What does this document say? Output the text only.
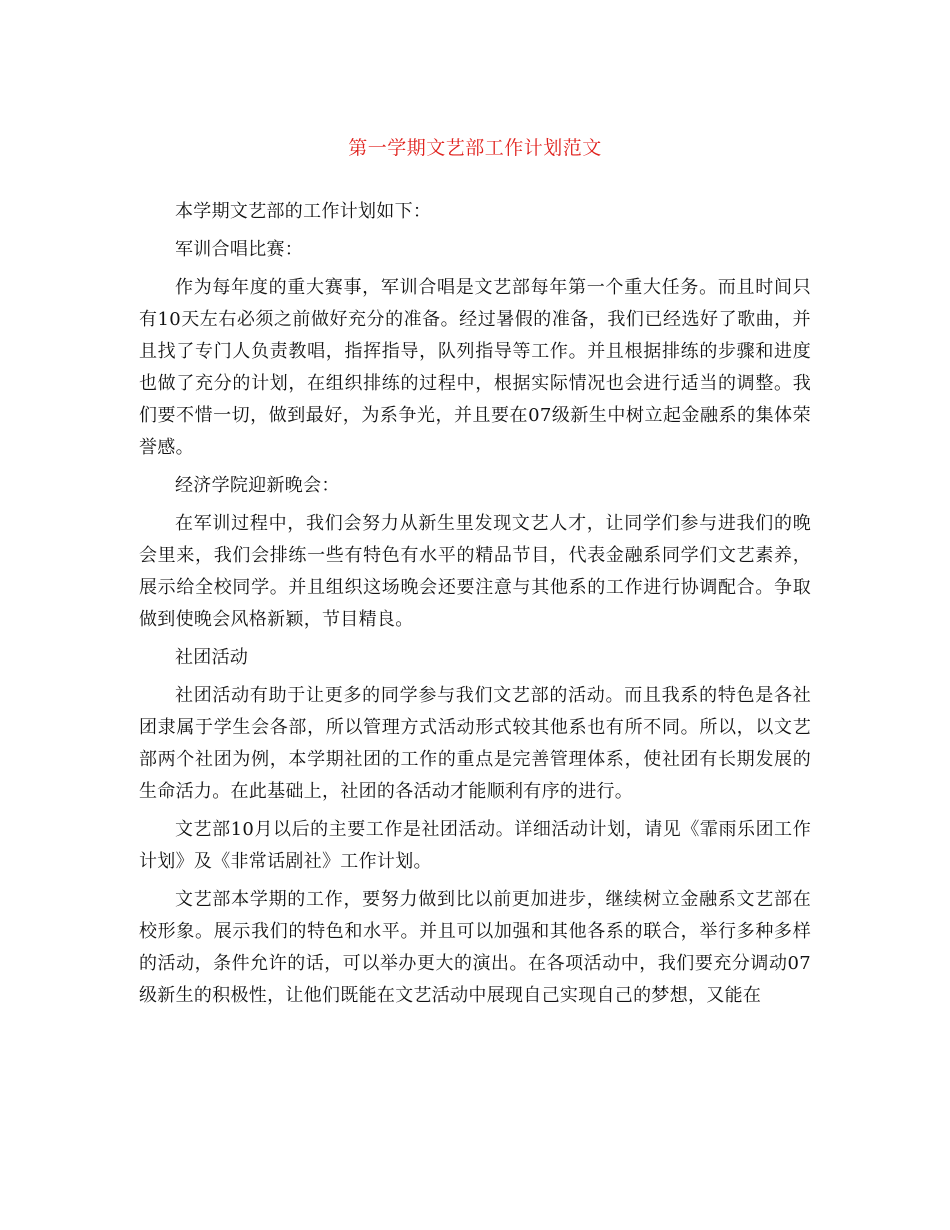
第一学期文艺部工作计划范文

本学期文艺部的工作计划如下：

军训合唱比赛：

作为每年度的重大赛事，军训合唱是文艺部每年第一个重大任务。而且时间只有10天左右必须之前做好充分的准备。经过暑假的准备，我们已经选好了歌曲，并且找了专门人负责教唱，指挥指导，队列指导等工作。并且根据排练的步骤和进度也做了充分的计划，在组织排练的过程中，根据实际情况也会进行适当的调整。我们要不惜一切，做到最好，为系争光，并且要在07级新生中树立起金融系的集体荣誉感。

经济学院迎新晚会：

在军训过程中，我们会努力从新生里发现文艺人才，让同学们参与进我们的晚会里来，我们会排练一些有特色有水平的精品节目，代表金融系同学们文艺素养，展示给全校同学。并且组织这场晚会还要注意与其他系的工作进行协调配合。争取做到使晚会风格新颖，节目精良。

社团活动

社团活动有助于让更多的同学参与我们文艺部的活动。而且我系的特色是各社团隶属于学生会各部，所以管理方式活动形式较其他系也有所不同。所以，以文艺部两个社团为例，本学期社团的工作的重点是完善管理体系，使社团有长期发展的生命活力。在此基础上，社团的各活动才能顺利有序的进行。

文艺部10月以后的主要工作是社团活动。详细活动计划，请见《霏雨乐团工作计划》及《非常话剧社》工作计划。

文艺部本学期的工作，要努力做到比以前更加进步，继续树立金融系文艺部在校形象。展示我们的特色和水平。并且可以加强和其他各系的联合，举行多种多样的活动，条件允许的话，可以举办更大的演出。在各项活动中，我们要充分调动07级新生的积极性，让他们既能在文艺活动中展现自己实现自己的梦想，又能在
